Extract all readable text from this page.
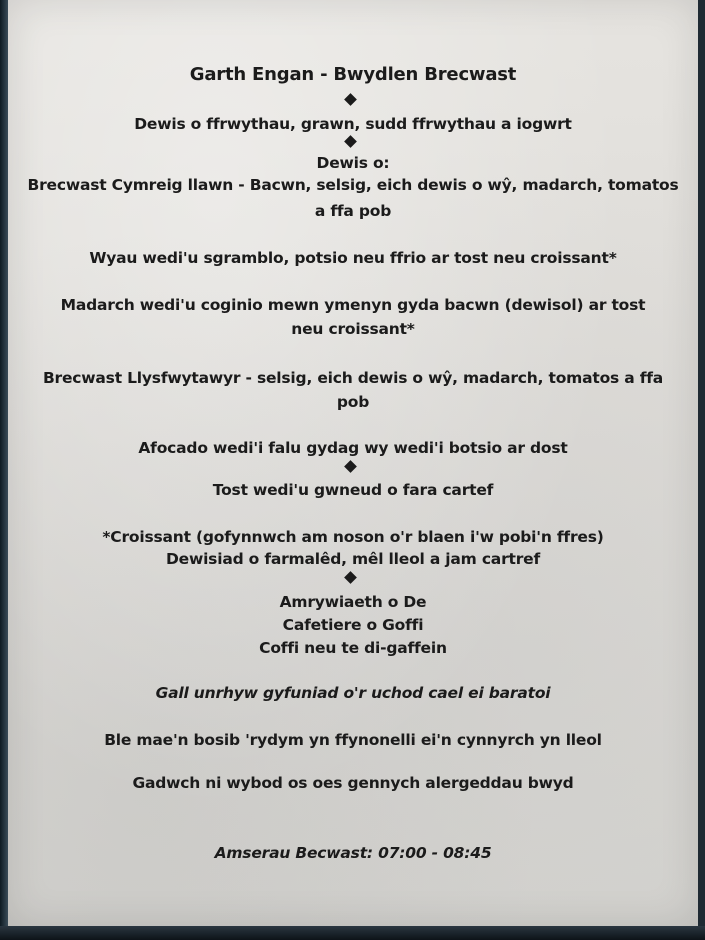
Garth Engan - Bwydlen Brecwast

Dewis o ffrwythau, grawn, sudd ffrwythau a iogwrt

Dewis o:

Brecwast Cymreig llawn - Bacwn, selsig, eich dewis o wŷ, madarch, tomatos

a ffa pob

Wyau wedi'u sgramblo, potsio neu ffrio ar tost neu croissant*

Madarch wedi'u coginio mewn ymenyn gyda bacwn (dewisol) ar tost

neu croissant*

Brecwast Llysfwytawyr - selsig, eich dewis o wŷ, madarch, tomatos a ffa

pob

Afocado wedi'i falu gydag wy wedi'i botsio ar dost

Tost wedi'u gwneud o fara cartef

*Croissant (gofynnwch am noson o'r blaen i'w pobi'n ffres)

Dewisiad o farmalêd, mêl lleol a jam cartref

Amrywiaeth o De

Cafetiere o Goffi

Coffi neu te di-gaffein

Gall unrhyw gyfuniad o'r uchod cael ei baratoi

Ble mae'n bosib 'rydym yn ffynonelli ei'n cynnyrch yn lleol

Gadwch ni wybod os oes gennych alergeddau bwyd

Amserau Becwast: 07:00 - 08:45
